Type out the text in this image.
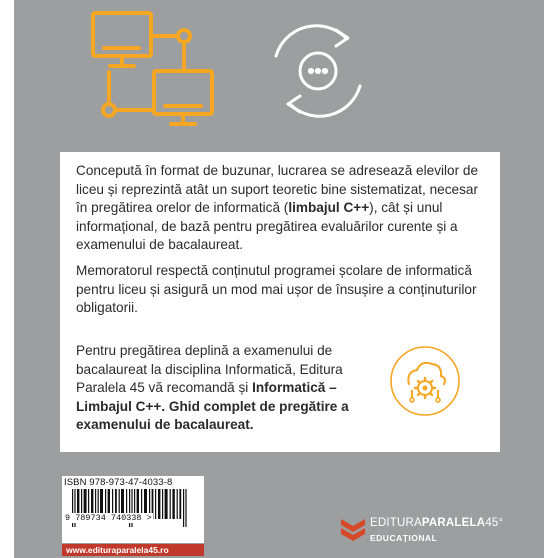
Concepută în format de buzunar, lucrarea se adresează elevilor de liceu și reprezintă atât un suport teoretic bine sistematizat, necesar în pregătirea orelor de informatică (limbajul C++), cât și unul informațional, de bază pentru pregătirea evaluărilor curente și a examenului de bacalaureat.

Memoratorul respectă conținutul programei școlare de informatică pentru liceu și asigură un mod mai ușor de însușire a conținuturilor obligatorii.

Pentru pregătirea deplină a examenului de bacalaureat la disciplina Informatică, Editura Paralela 45 vă recomandă și Informatică – Limbajul C++. Ghid complet de pregătire a examenului de bacalaureat.

ISBN 978-973-47-4033-8
9 789734 740338 >
www.edituraparalela45.ro
EDITURAPARALELA45°
EDUCAȚIONAL
